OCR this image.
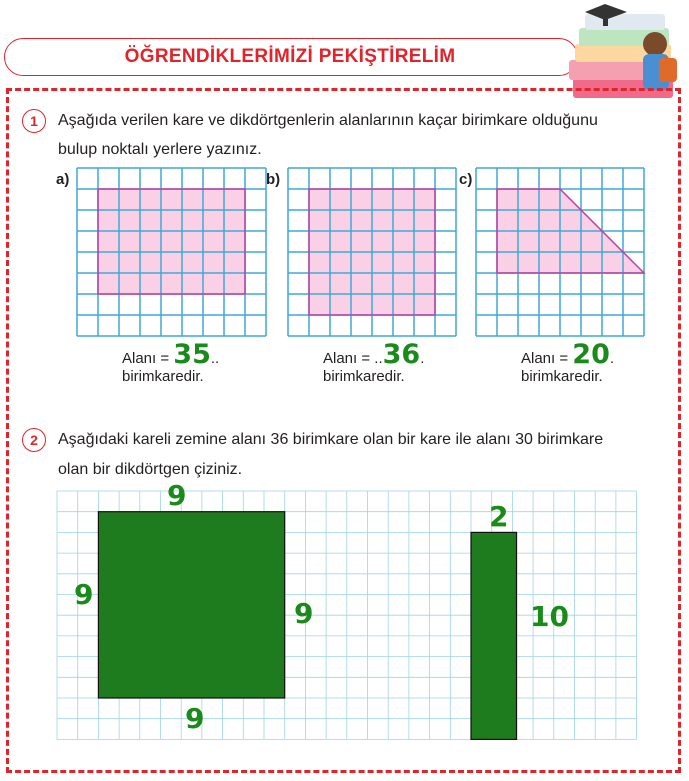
ÖĞRENDİKLERİMİZİ PEKİŞTİRELİM
1	Aşağıda verilen kare ve dikdörtgenlerin alanlarının kaçar birimkare olduğunu
bulup noktalı yerlere yazınız.
a)	b)	c)
Alanı = 35..
birimkaredir.
Alanı = ..36.
birimkaredir.
Alanı = 20.
birimkaredir.
2	Aşağıdaki kareli zemine alanı 36 birimkare olan bir kare ile alanı 30 birimkare
olan bir dikdörtgen çiziniz.
9
9
9
9
2
10
